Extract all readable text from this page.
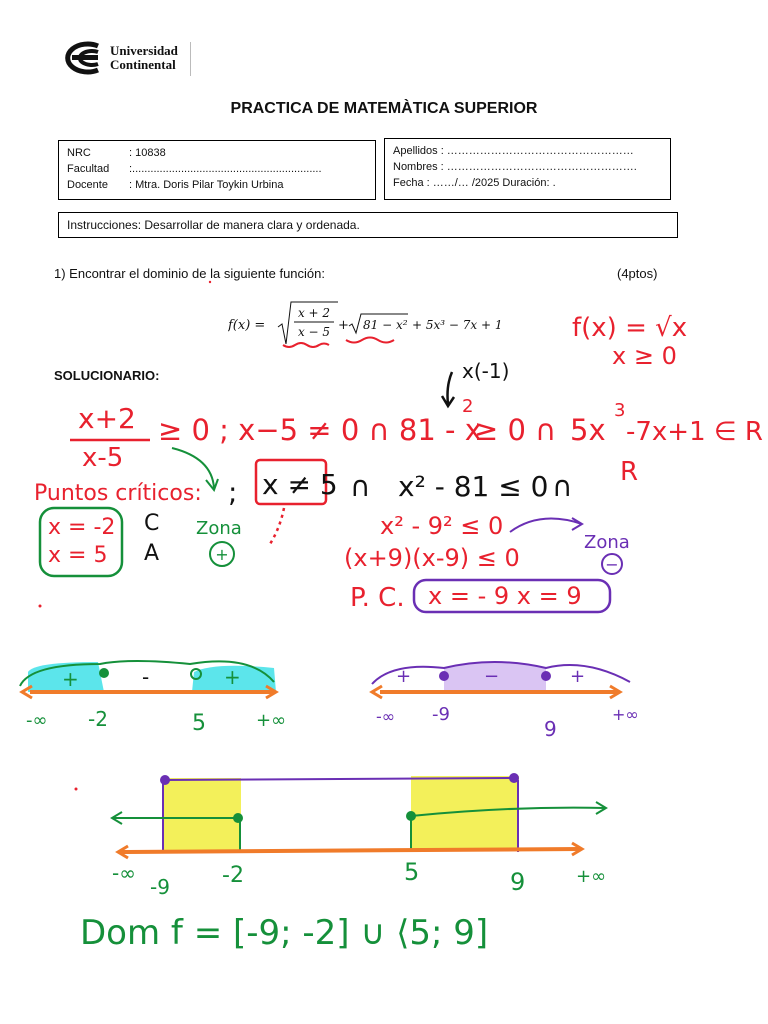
Universidad
Continental
PRACTICA DE MATEMÀTICA SUPERIOR
NRC	: 10838
Facultad :..............................................................
Docente : Mtra. Doris Pilar Toykin Urbina
Apellidos : ……………………………………………
Nombres : …………………………………………….
Fecha : ……/… /2025 Duración: .
Instrucciones: Desarrollar de manera clara y ordenada.
1) Encontrar el dominio de la siguiente función:	(4ptos)
f(x) =
x + 2
x − 5 + 81 − x² + 5x³ − 7x + 1
SOLUCIONARIO:
f(x) = √x
x ≥ 0
x(-1)
x+2
x-5
≥ 0 ; x−5 ≠ 0 ∩ 81 - x
2
≥ 0 ∩ 5x
3
-7x+1 ∈ R
Puntos críticos: ; x ≠ 5 ∩ x² - 81 ≤ 0 ∩ R
x = -2
x = 5
C
A
Zona
+
x² - 9² ≤ 0
(x+9)(x-9) ≤ 0
Zona
−
P. C. x = - 9 x = 9
+	-	+
-∞ -2	5	+∞
+	−	+
-∞ -9
9
+∞
-∞
-9 -2	5	9	+∞
Dom f = [-9; -2] ∪ ⟨5; 9]
